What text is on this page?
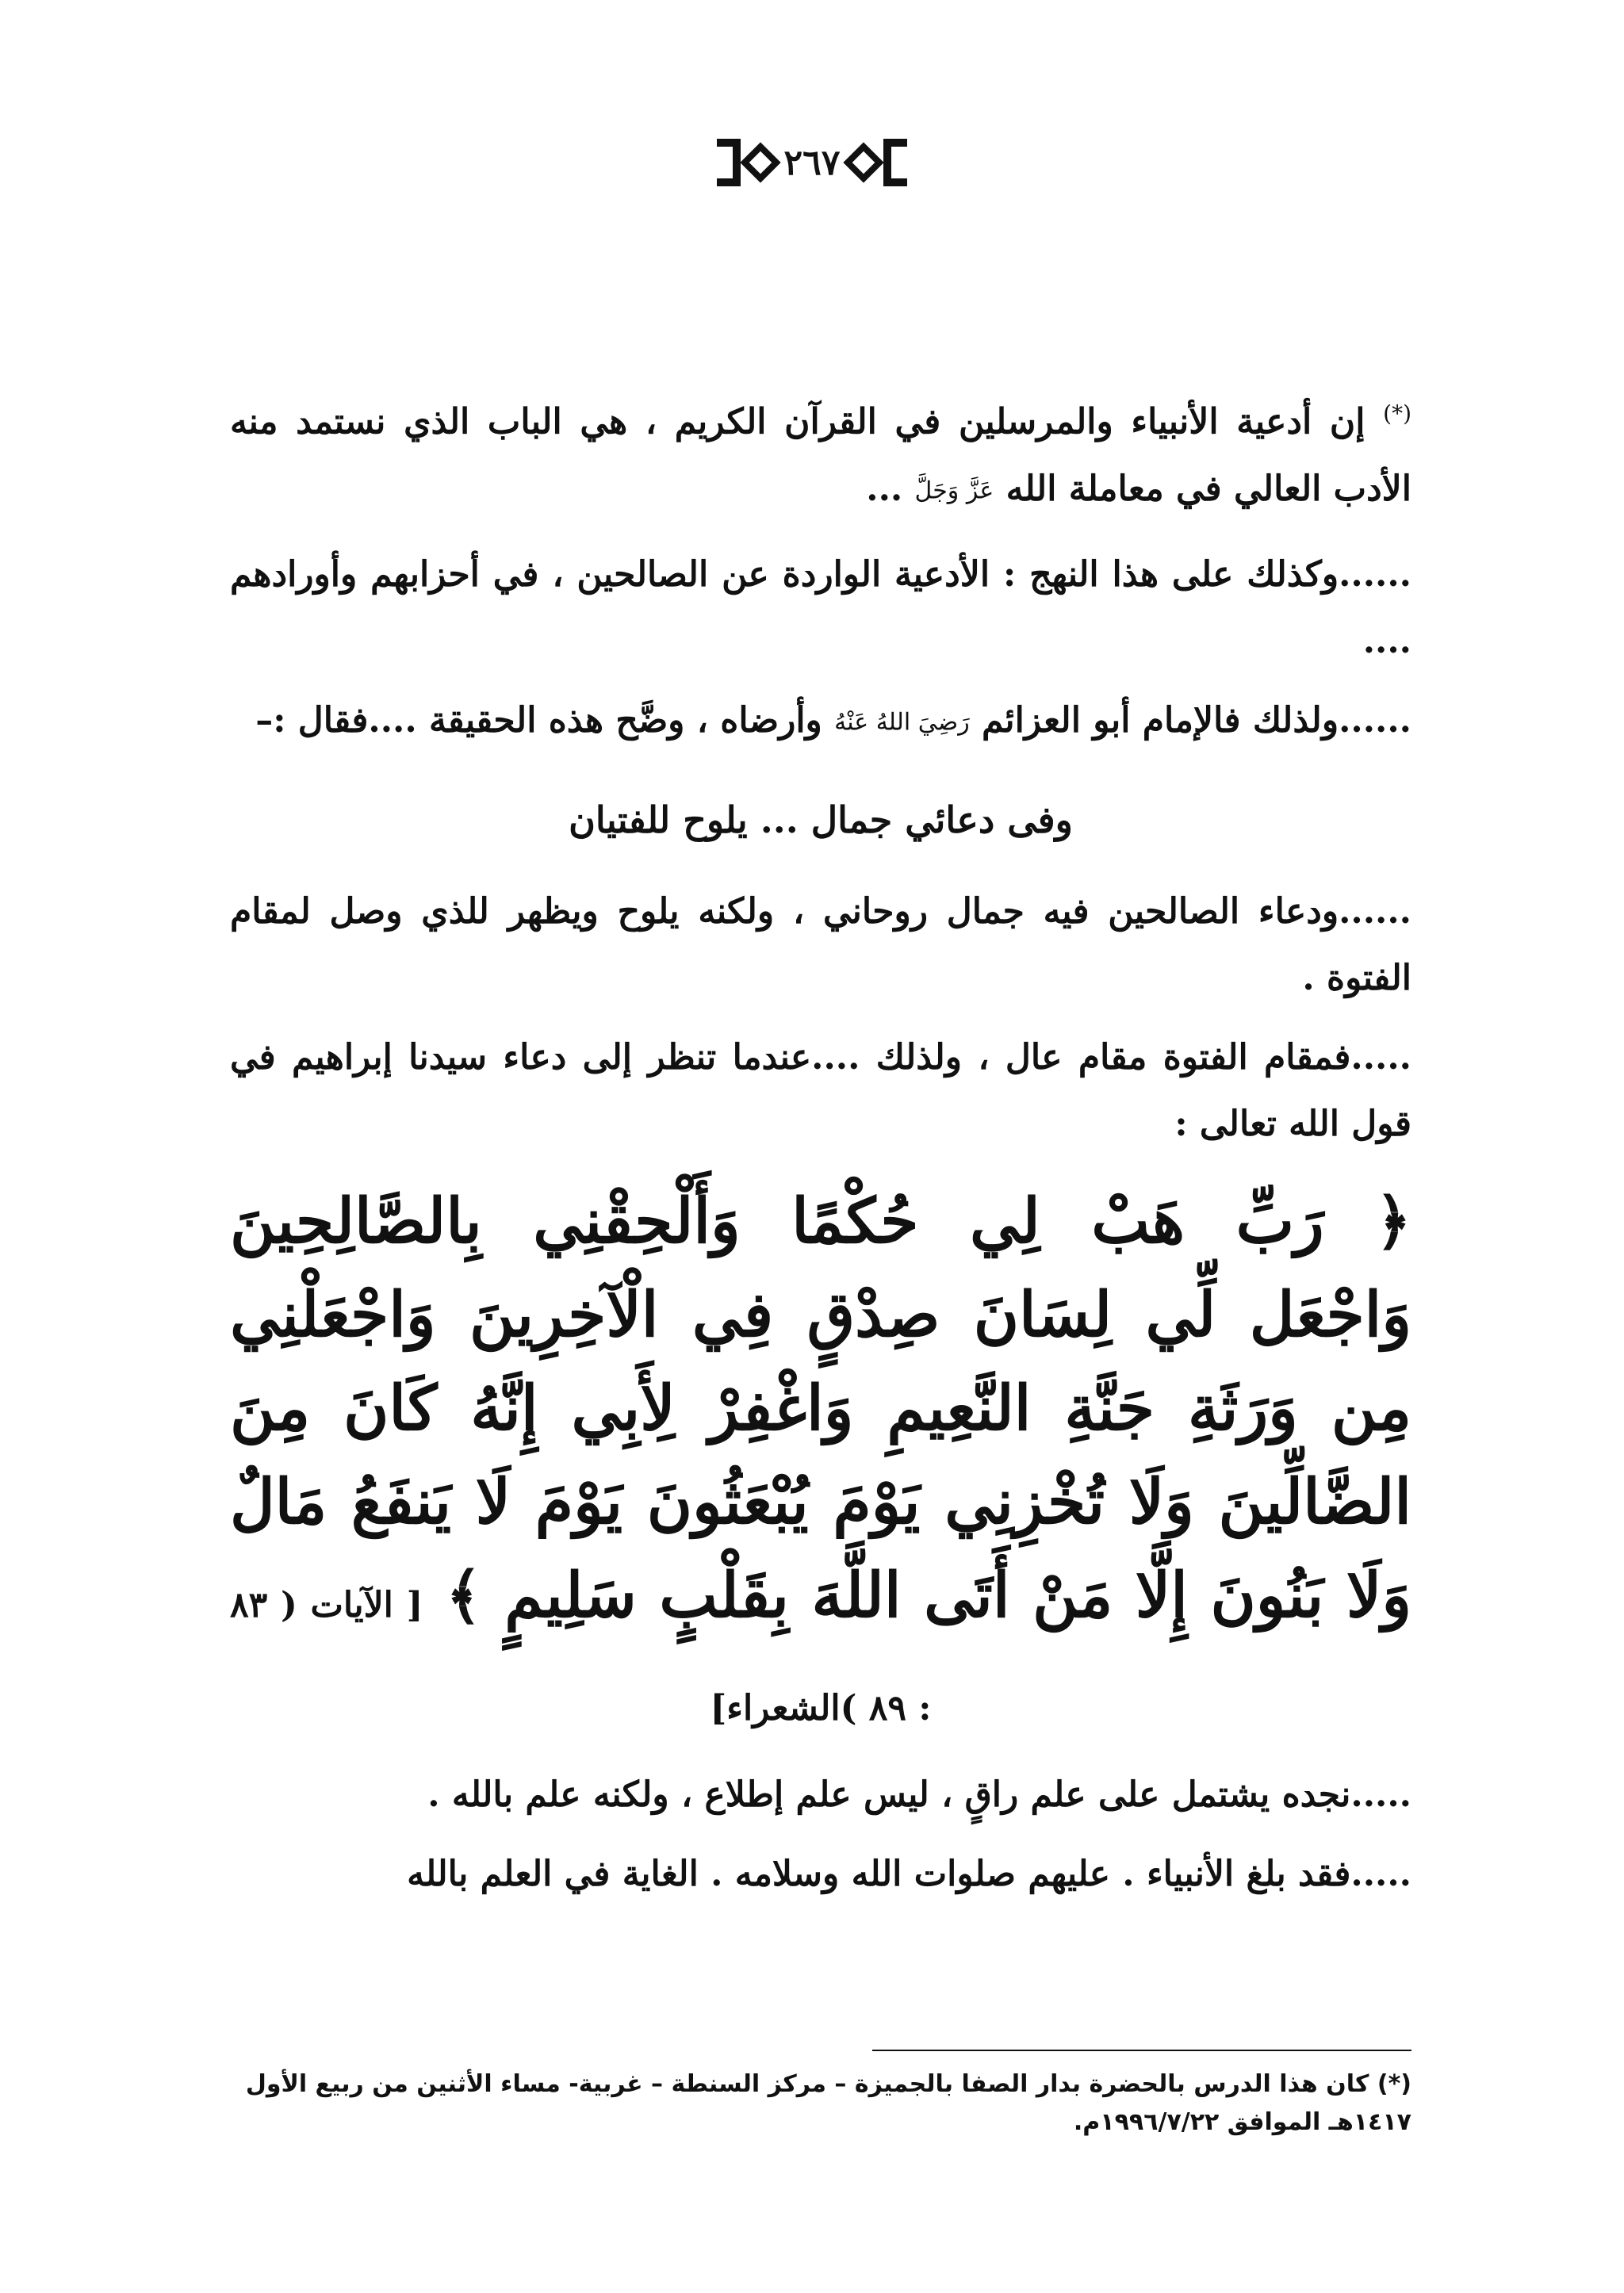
٢٦٧

(*) إن أدعية الأنبياء والمرسلين في القرآن الكريم ، هي الباب الذي نستمد منه الأدب العالي في معاملة الله عَزَّ وَجَلَّ ...

......وكذلك على هذا النهج : الأدعية الواردة عن الصالحين ، في أحزابهم وأورادهم ....

......ولذلك فالإمام أبو العزائم رَضِيَ اللهُ عَنْهُ وأرضاه ، وضَّح هذه الحقيقة ....فقال :–

وفى دعائي جمال ... يلوح للفتيان

......ودعاء الصالحين فيه جمال روحاني ، ولكنه يلوح ويظهر للذي وصل لمقام الفتوة .

.....فمقام الفتوة مقام عال ، ولذلك ....عندما تنظر إلى دعاء سيدنا إبراهيم في قول الله تعالى :

﴿ رَبِّ هَبْ لِي حُكْمًا وَأَلْحِقْنِي بِالصَّالِحِينَ وَاجْعَل لِّي لِسَانَ صِدْقٍ فِي الْآخِرِينَ وَاجْعَلْنِي مِن وَرَثَةِ جَنَّةِ النَّعِيمِ وَاغْفِرْ لِأَبِي إِنَّهُ كَانَ مِنَ الضَّالِّينَ وَلَا تُخْزِنِي يَوْمَ يُبْعَثُونَ يَوْمَ لَا يَنفَعُ مَالٌ وَلَا بَنُونَ إِلَّا مَنْ أَتَى اللَّهَ بِقَلْبٍ سَلِيمٍ ﴾ [ الآيات ( ٨٣ : ٨٩ )الشعراء]

.....نجده يشتمل على علم راقٍ ، ليس علم إطلاع ، ولكنه علم بالله .

.....فقد بلغ الأنبياء . عليهم صلوات الله وسلامه . الغاية في العلم بالله

(*) كان هذا الدرس بالحضرة بدار الصفا بالجميزة – مركز السنطة – غربية- مساء الأثنين من ربيع الأول ١٤١٧هـ الموافق ١٩٩٦/٧/٢٢م.
